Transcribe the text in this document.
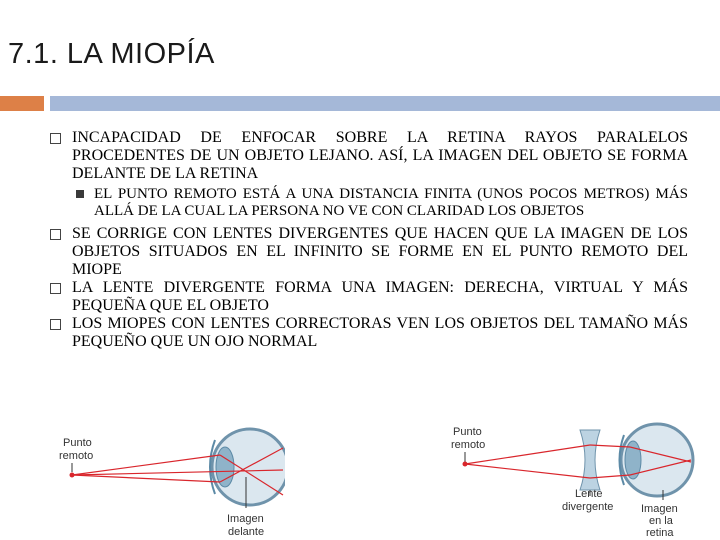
7.1. LA MIOPÍA

INCAPACIDAD DE ENFOCAR SOBRE LA RETINA RAYOS PARALELOS PROCEDENTES DE UN OBJETO LEJANO. ASÍ, LA IMAGEN DEL OBJETO SE FORMA DELANTE DE LA RETINA

EL PUNTO REMOTO ESTÁ A UNA DISTANCIA FINITA (UNOS POCOS METROS) MÁS ALLÁ DE LA CUAL LA PERSONA NO VE CON CLARIDAD LOS OBJETOS

SE CORRIGE CON LENTES DIVERGENTES QUE HACEN QUE LA IMAGEN DE LOS OBJETOS SITUADOS EN EL INFINITO SE FORME EN EL PUNTO REMOTO DEL MIOPE

LA LENTE DIVERGENTE FORMA UNA IMAGEN: DERECHA, VIRTUAL Y MÁS PEQUEÑA QUE EL OBJETO

LOS MIOPES CON LENTES CORRECTORAS VEN LOS OBJETOS DEL TAMAÑO MÁS PEQUEÑO QUE UN OJO NORMAL

Punto
remoto
Imagen
delante
Punto
remoto
Lente
divergente	Imagen
en la
retina
